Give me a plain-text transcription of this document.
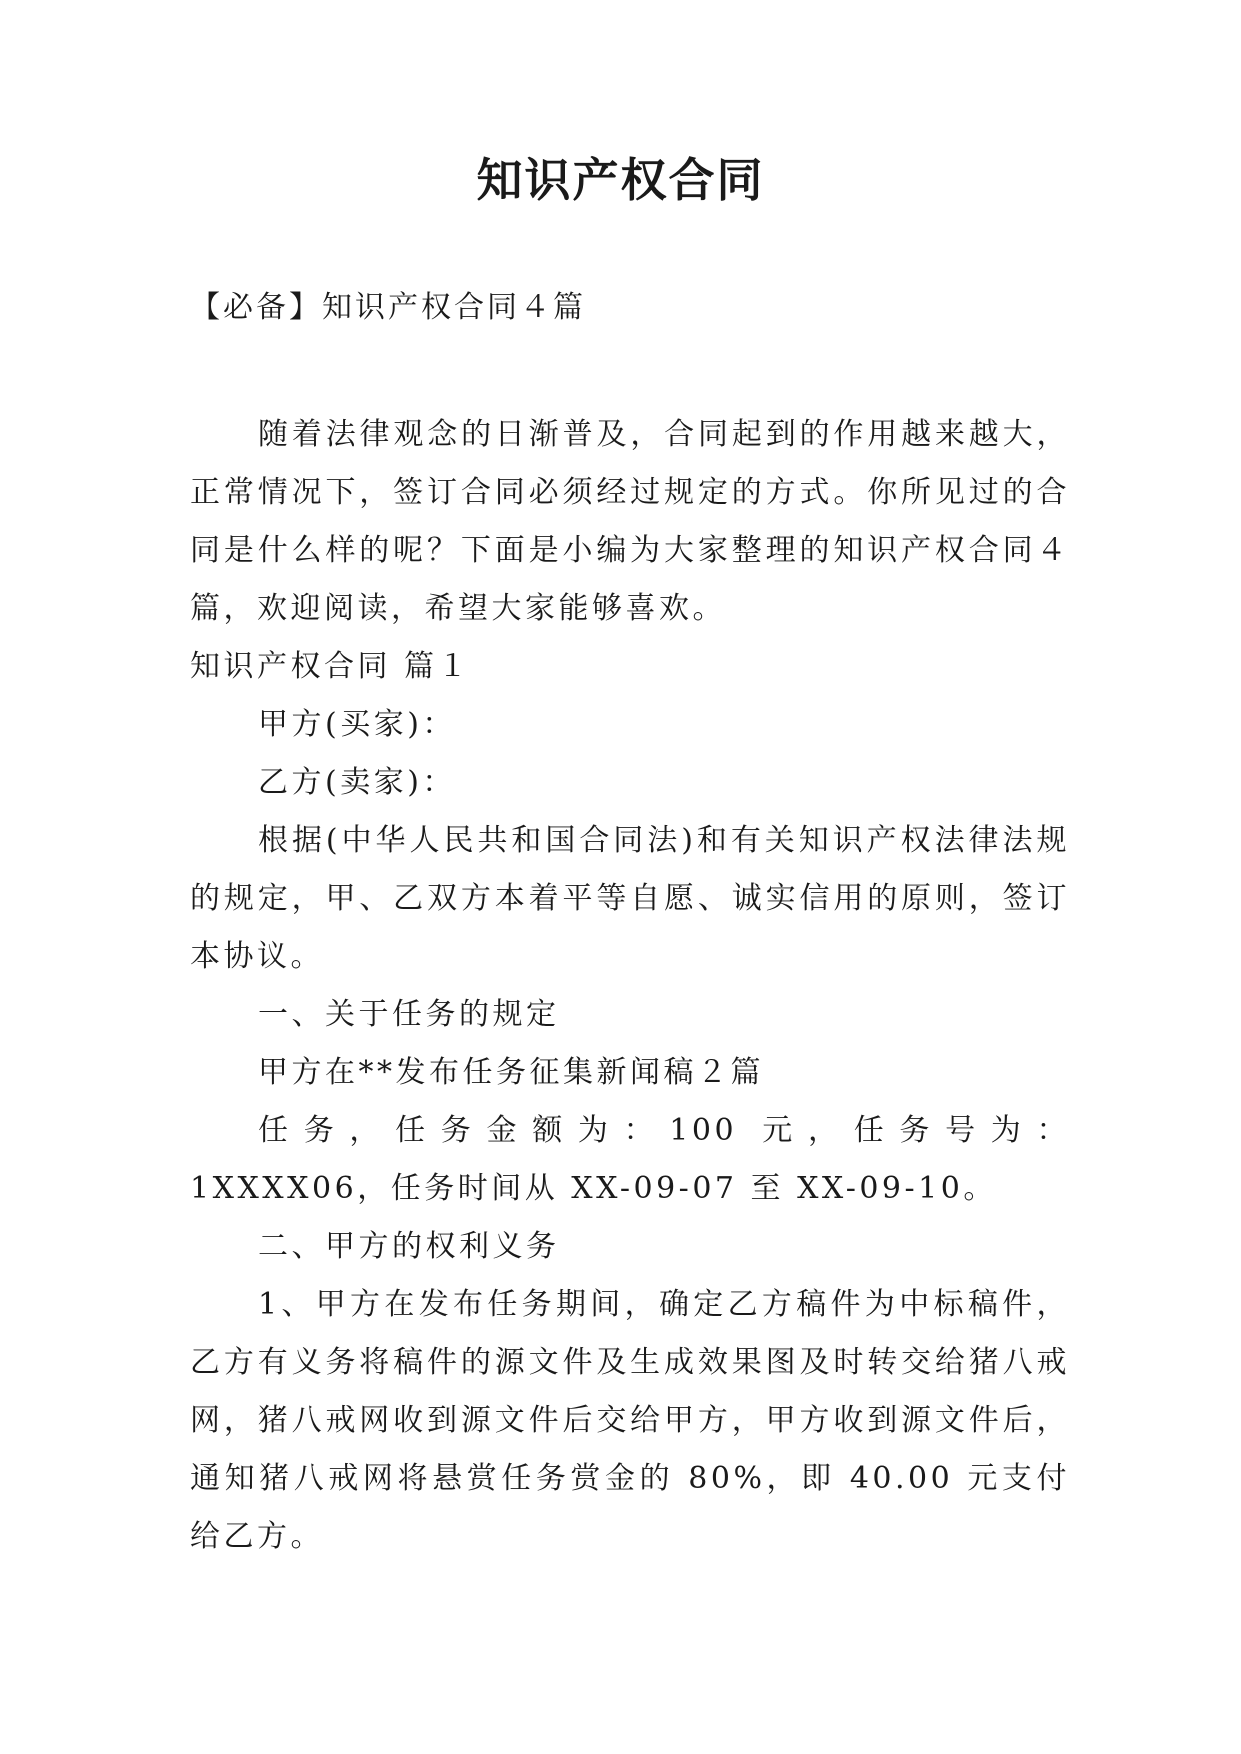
知识产权合同
【必备】知识产权合同４篇

随着法律观念的日渐普及，合同起到的作用越来越大，正常情况下，签订合同必须经过规定的方式。你所见过的合同是什么样的呢？下面是小编为大家整理的知识产权合同４篇，欢迎阅读，希望大家能够喜欢。

知识产权合同 篇１

甲方(买家)：

乙方(卖家)：

根据(中华人民共和国合同法)和有关知识产权法律法规的规定，甲、乙双方本着平等自愿、诚实信用的原则，签订本协议。

一、关于任务的规定

甲方在**发布任务征集新闻稿２篇

任务，任务金额为：100 元，任务号为：1XXXX06，任务时间从 XX-09-07 至 XX-09-10。

二、甲方的权利义务

1、甲方在发布任务期间，确定乙方稿件为中标稿件，乙方有义务将稿件的源文件及生成效果图及时转交给猪八戒网，猪八戒网收到源文件后交给甲方，甲方收到源文件后，通知猪八戒网将悬赏任务赏金的 80%，即 40.00 元支付给乙方。
